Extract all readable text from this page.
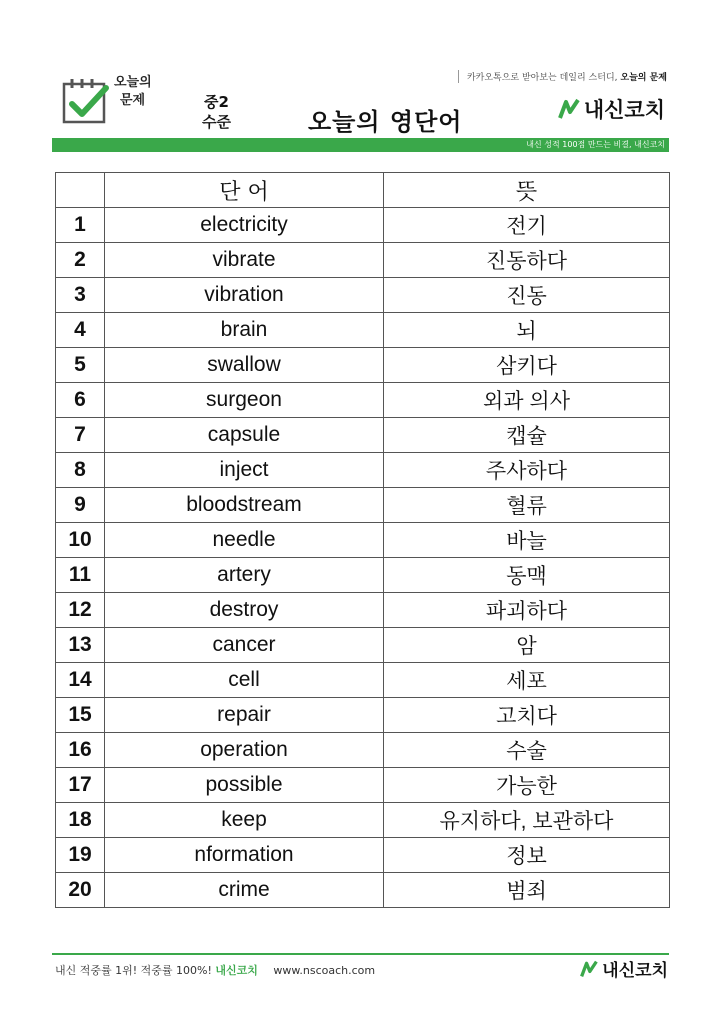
오늘의
문제	중2
수준	오늘의 영단어
카카오톡으로 받아보는 데일리 스터디, 오늘의 문제
내신코치
내신 성적 100점 만드는 비결, 내신코치
	단 어	뜻
1	electricity	전기
2	vibrate	진동하다
3	vibration	진동
4	brain	뇌
5	swallow	삼키다
6	surgeon	외과 의사
7	capsule	캡슐
8	inject	주사하다
9	bloodstream	혈류
10	needle	바늘
11	artery	동맥
12	destroy	파괴하다
13	cancer	암
14	cell	세포
15	repair	고치다
16	operation	수술
17	possible	가능한
18	keep	유지하다, 보관하다
19	nformation	정보
20	crime	범죄
내신 적중률 1위! 적중률 100%! 내신코치 www.nscoach.com	내신코치
